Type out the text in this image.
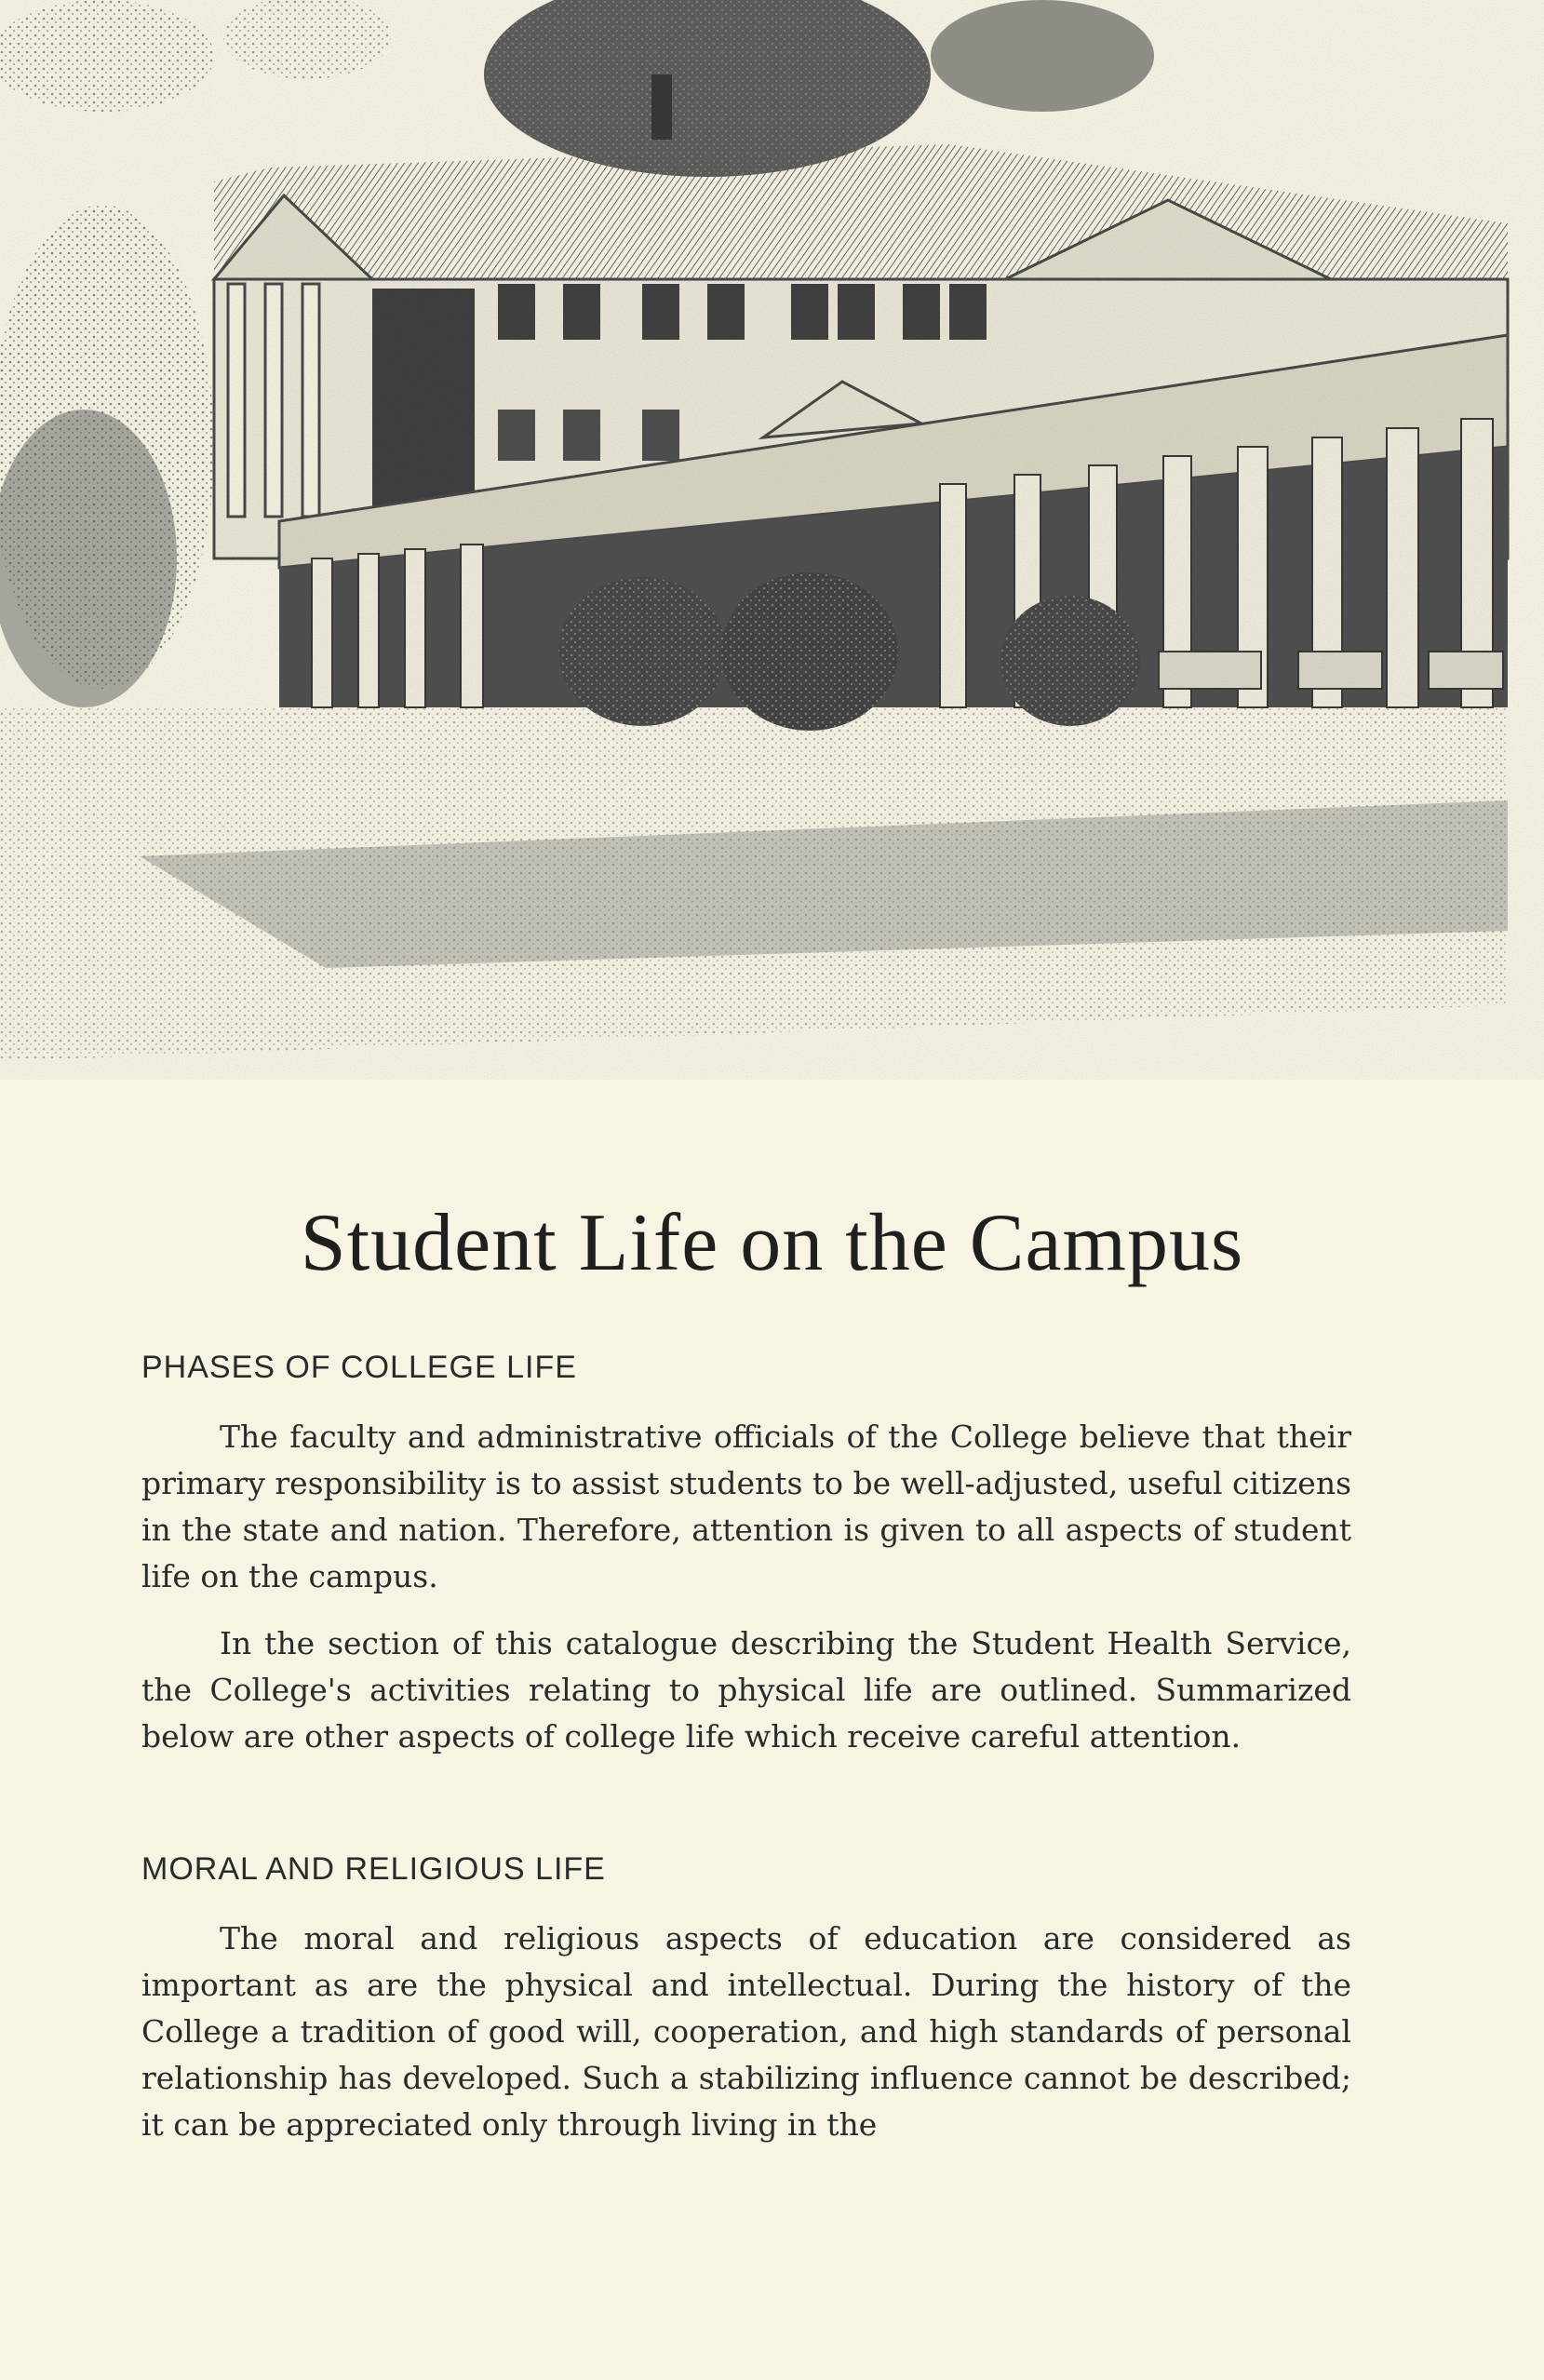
Student Life on the Campus
PHASES OF COLLEGE LIFE

The faculty and administrative officials of the College believe that their primary responsibility is to assist students to be well-adjusted, useful citizens in the state and nation. Therefore, attention is given to all aspects of student life on the campus.

In the section of this catalogue describing the Student Health Service, the College's activities relating to physical life are outlined. Summarized below are other aspects of college life which receive careful attention.

MORAL AND RELIGIOUS LIFE

The moral and religious aspects of education are considered as important as are the physical and intellectual. During the history of the College a tradition of good will, cooperation, and high standards of personal relationship has developed. Such a stabilizing influence cannot be described; it can be appreciated only through living in the
